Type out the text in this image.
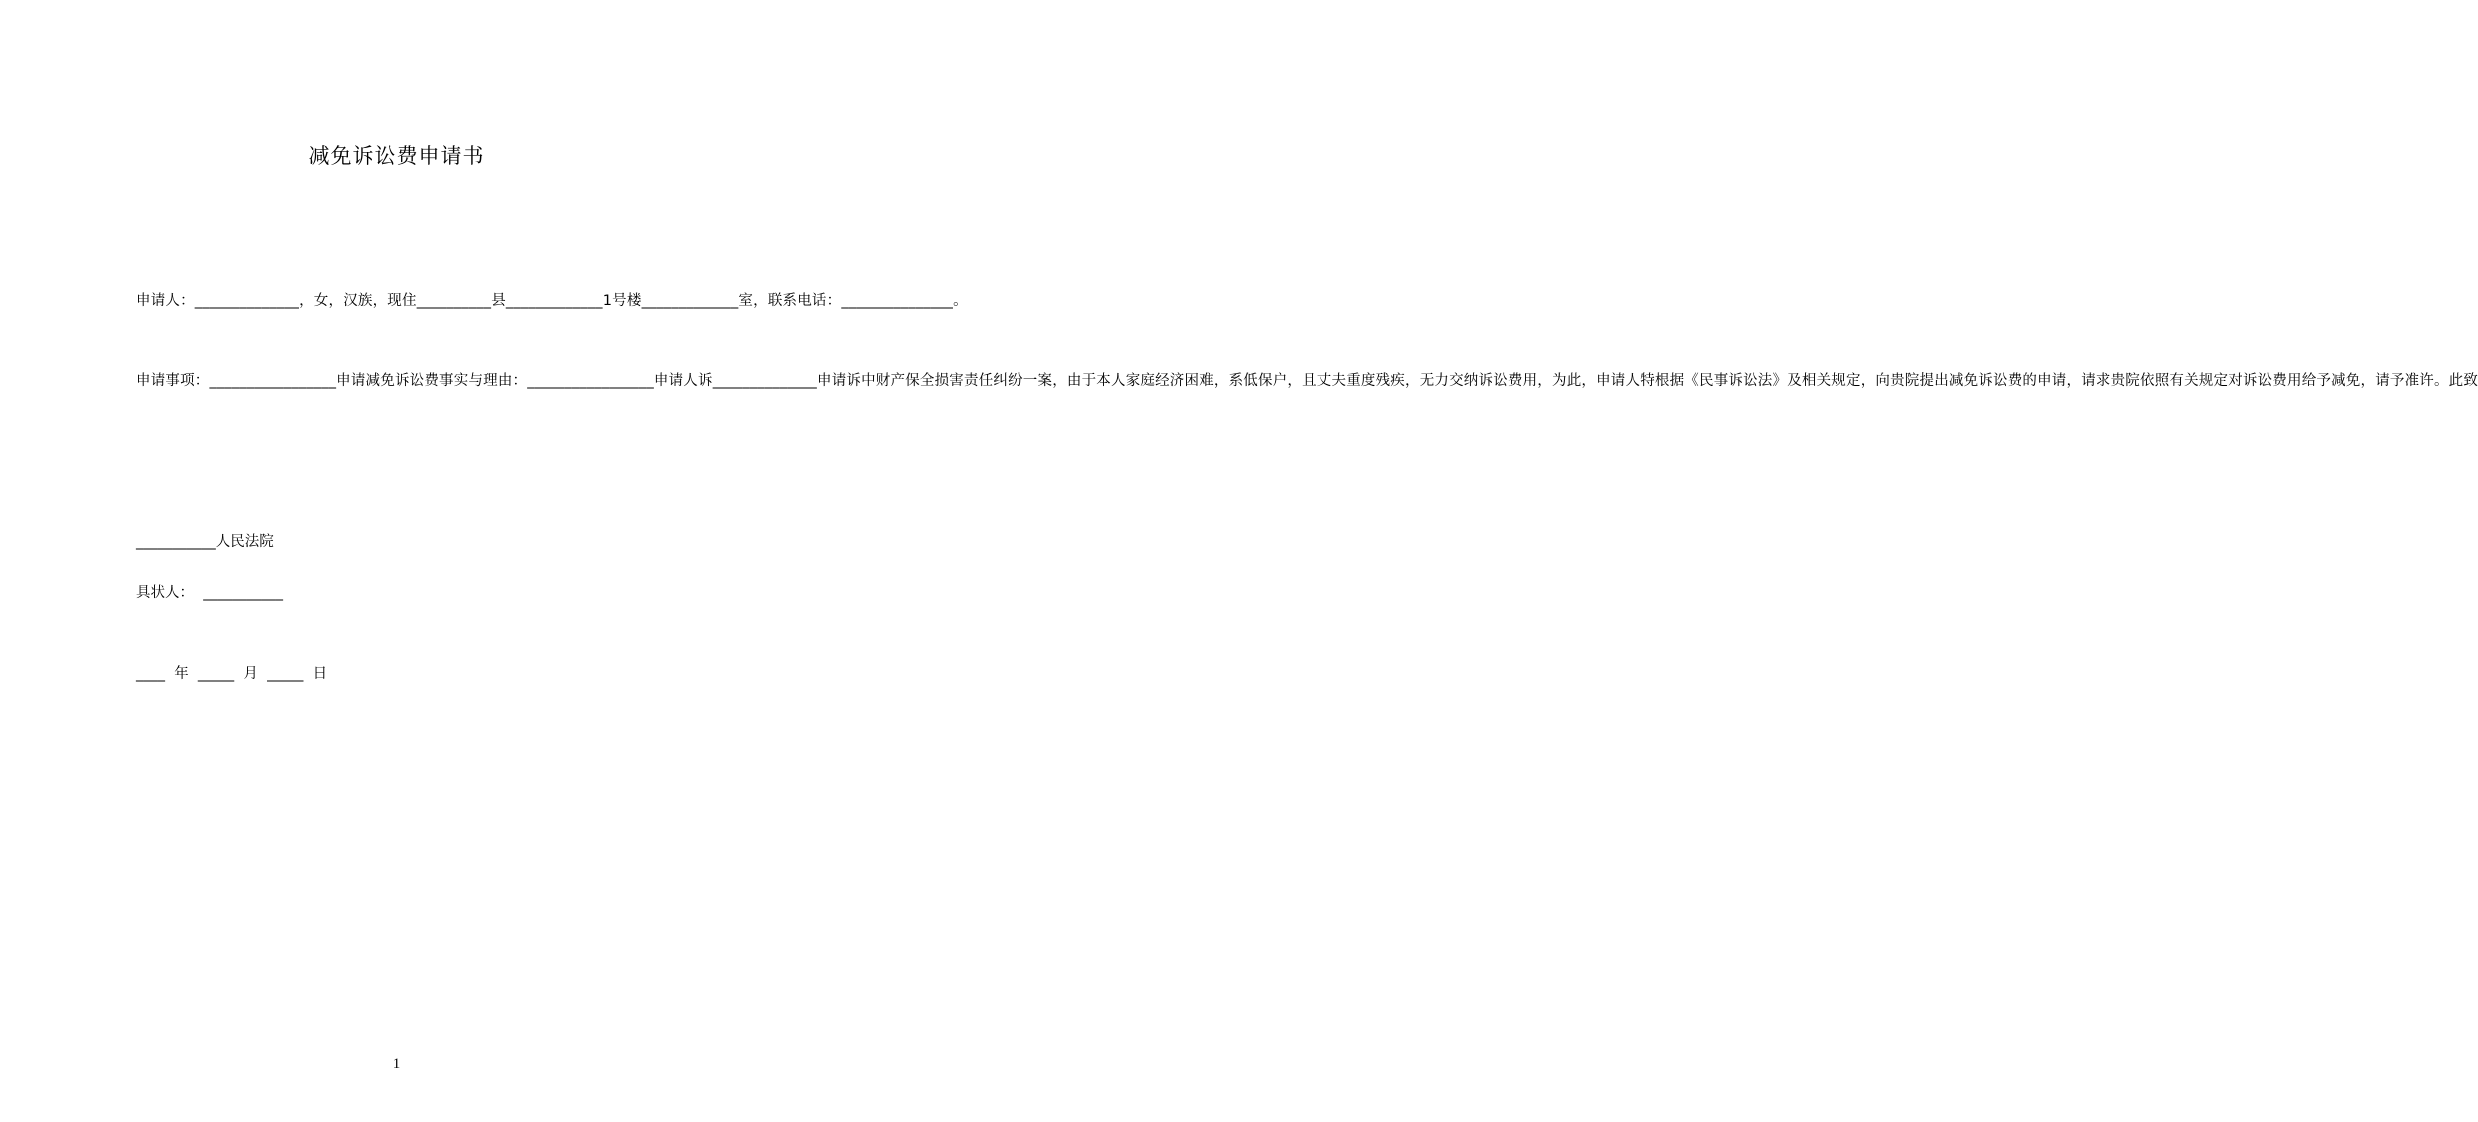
减免诉讼费申请书
申请人：______________，女，汉族，现住__________县_____________1号楼_____________室，联系电话：_______________。
申请事项：_________________申请减免诉讼费事实与理由：_________________申请人诉______________申请诉中财产保全损害责任纠纷一案，由于本人家庭经济困难，系低保户，且丈夫重度残疾，无力交纳诉讼费用，为此，申请人特根据《民事诉讼法》及相关规定，向贵院提出减免诉讼费的申请，请求贵院依照有关规定对诉讼费用给予减免，请予准许。此致
___________人民法院
具状人：  ___________
____  年  _____  月  _____  日
1
